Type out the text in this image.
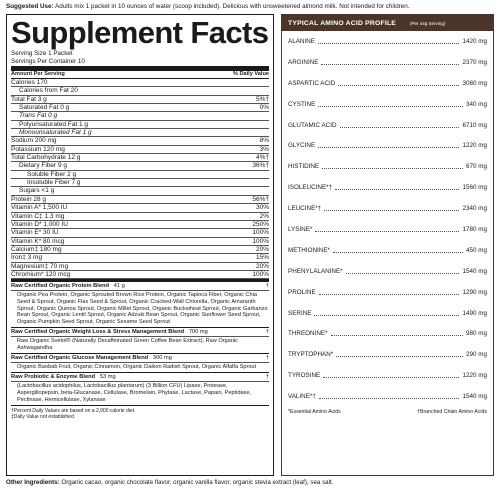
Suggested Use: Adults mix 1 packet in 10 ounces of water (scoop included). Delicious with unsweetened almond milk. Not intended for children.
Supplement Facts
Serving Size 1 Packet
Servings Per Container 10
Amount Per Serving	% Daily Value
Calories 170
Calories from Fat 20
Total Fat 3 g	5%†
Saturated Fat 0 g	0%
Trans Fat 0 g
Polyunsaturated Fat 1 g
Monounsaturated Fat 1 g
Sodium 200 mg	8%
Potassium 120 mg	3%
Total Carbohydrate 12 g	4%†
Dietary Fiber 9 g	36%†
Soluble Fiber 2 g
Insoluble Fiber 7 g
Sugars <1 g
Protein 28 g	56%†
Vitamin A* 1,500 IU	30%
Vitamin C‡ 1.3 mg	2%
Vitamin D* 1,000 IU	250%
Vitamin E* 30 IU	100%
Vitamin K* 80 mcg	100%
Calcium‡ 180 mg	20%
Iron‡ 3 mg	15%
Magnesium‡ 70 mg	20%
Chromium* 120 mcg	100%
Raw Certified Organic Protein Blend 41 g	†
Organic Pea Protein, Organic Sprouted Brown Rice Protein, Organic Tapioca Fiber, Organic Chia Seed & Sprout, Organic Flax Seed & Sprout, Organic Cracked-Wall Chlorella, Organic Amaranth Sprout, Organic Quinoa Sprout, Organic Millet Sprout, Organic Buckwheat Sprout, Organic Garbanzo Bean Sprout, Organic Lentil Sprout, Organic Adzuki Bean Sprout, Organic Sunflower Seed Sprout, Organic Pumpkin Seed Sprout, Organic Sesame Seed Sprout
Raw Certified Organic Weight Loss & Stress Management Blend 700 mg	†
Raw Organic Svetol® (Naturally Decaffeinated Green Coffee Bean Extract), Raw Organic Ashwagandha
Raw Certified Organic Glucose Management Blend 300 mg	†
Organic Baobab Fruit, Organic Cinnamon, Organic Daikon Radish Sprout, Organic Alfalfa Sprout
Raw Probiotic & Enzyme Blend 53 mg	†
(Lactobacillus acidophilus, Lactobacillus plantarum) (3 Billion CFU) Lipase, Protease, Aspergillopepsin, beta-Glucanase, Cellulase, Bromelain, Phytase, Lactase, Papain, Peptidase, Pectinase, Hemicellulase, Xylanase
†Percent Daily Values are based on a 2,000 calorie diet.
‡Daily Value not established.
TYPICAL AMINO ACID PROFILE	(Per 44g Serving)
ALANINE	1420 mg
ARGININE	2370 mg
ASPARTIC ACID	3080 mg
CYSTINE	340 mg
GLUTAMIC ACID	6710 mg
GLYCINE	1220 mg
HISTIDINE	670 mg
ISOLEUCINE*†	1560 mg
LEUCINE*†	2340 mg
LYSINE*	1780 mg
METHIONINE*	450 mg
PHENYLALANINE*	1540 mg
PROLINE	1290 mg
SERINE	1490 mg
THREONINE*	980 mg
TRYPTOPHAN*	290 mg
TYROSINE	1220 mg
VALINE*†	1540 mg
*Essential Amino Acids	†Branched Chain Amino Acids
Other Ingredients: Organic cacao, organic chocolate flavor, organic vanilla flavor, organic stevia extract (leaf), sea salt.
